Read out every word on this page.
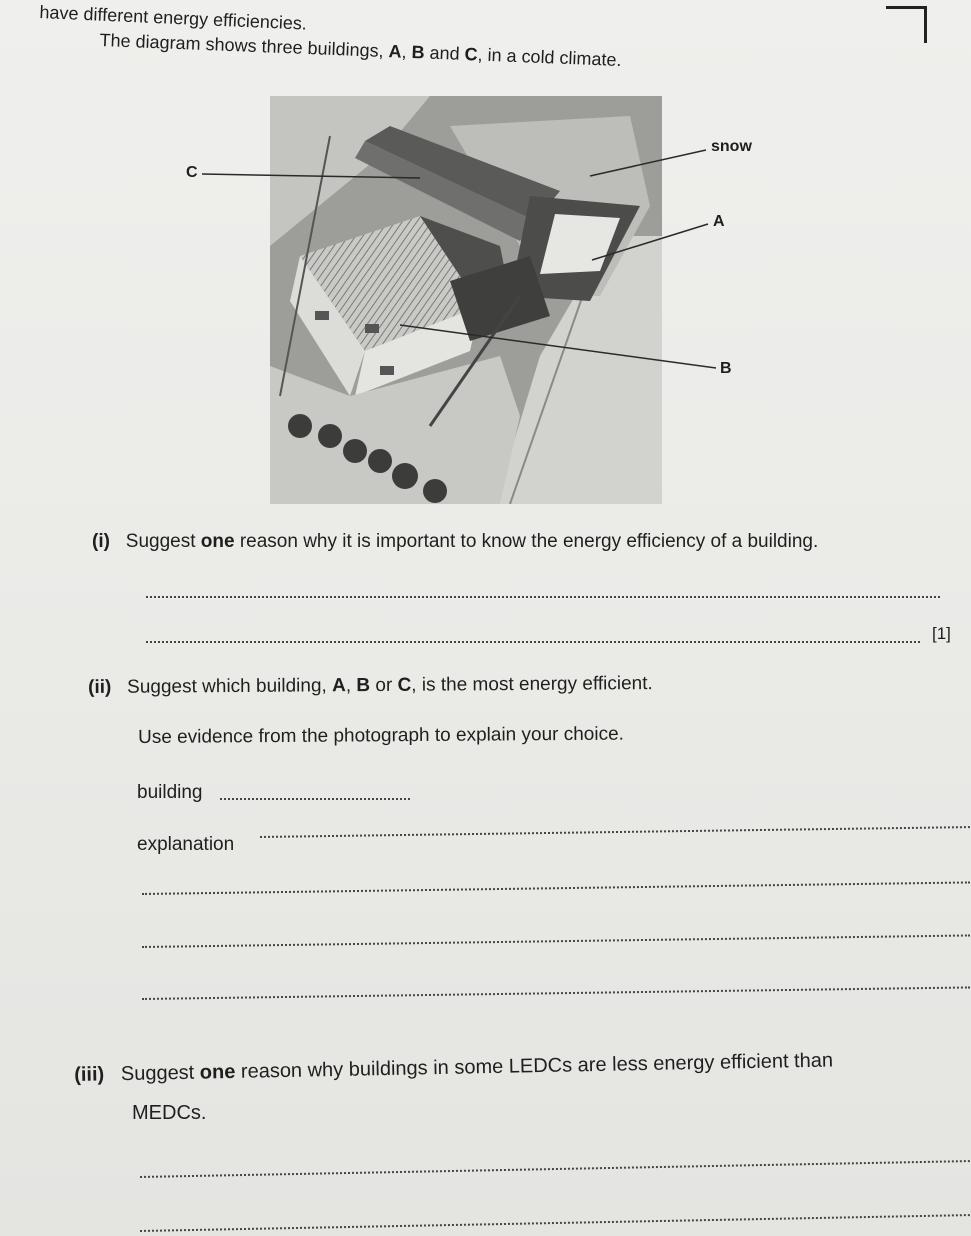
have different energy efficiencies.
The diagram shows three buildings, A, B and C, in a cold climate.
C
snow
A
B
(i) Suggest one reason why it is important to know the energy efficiency of a building.
[1]
(ii) Suggest which building, A, B or C, is the most energy efficient.
Use evidence from the photograph to explain your choice.
building
explanation
(iii) Suggest one reason why buildings in some LEDCs are less energy efficient than
MEDCs.
